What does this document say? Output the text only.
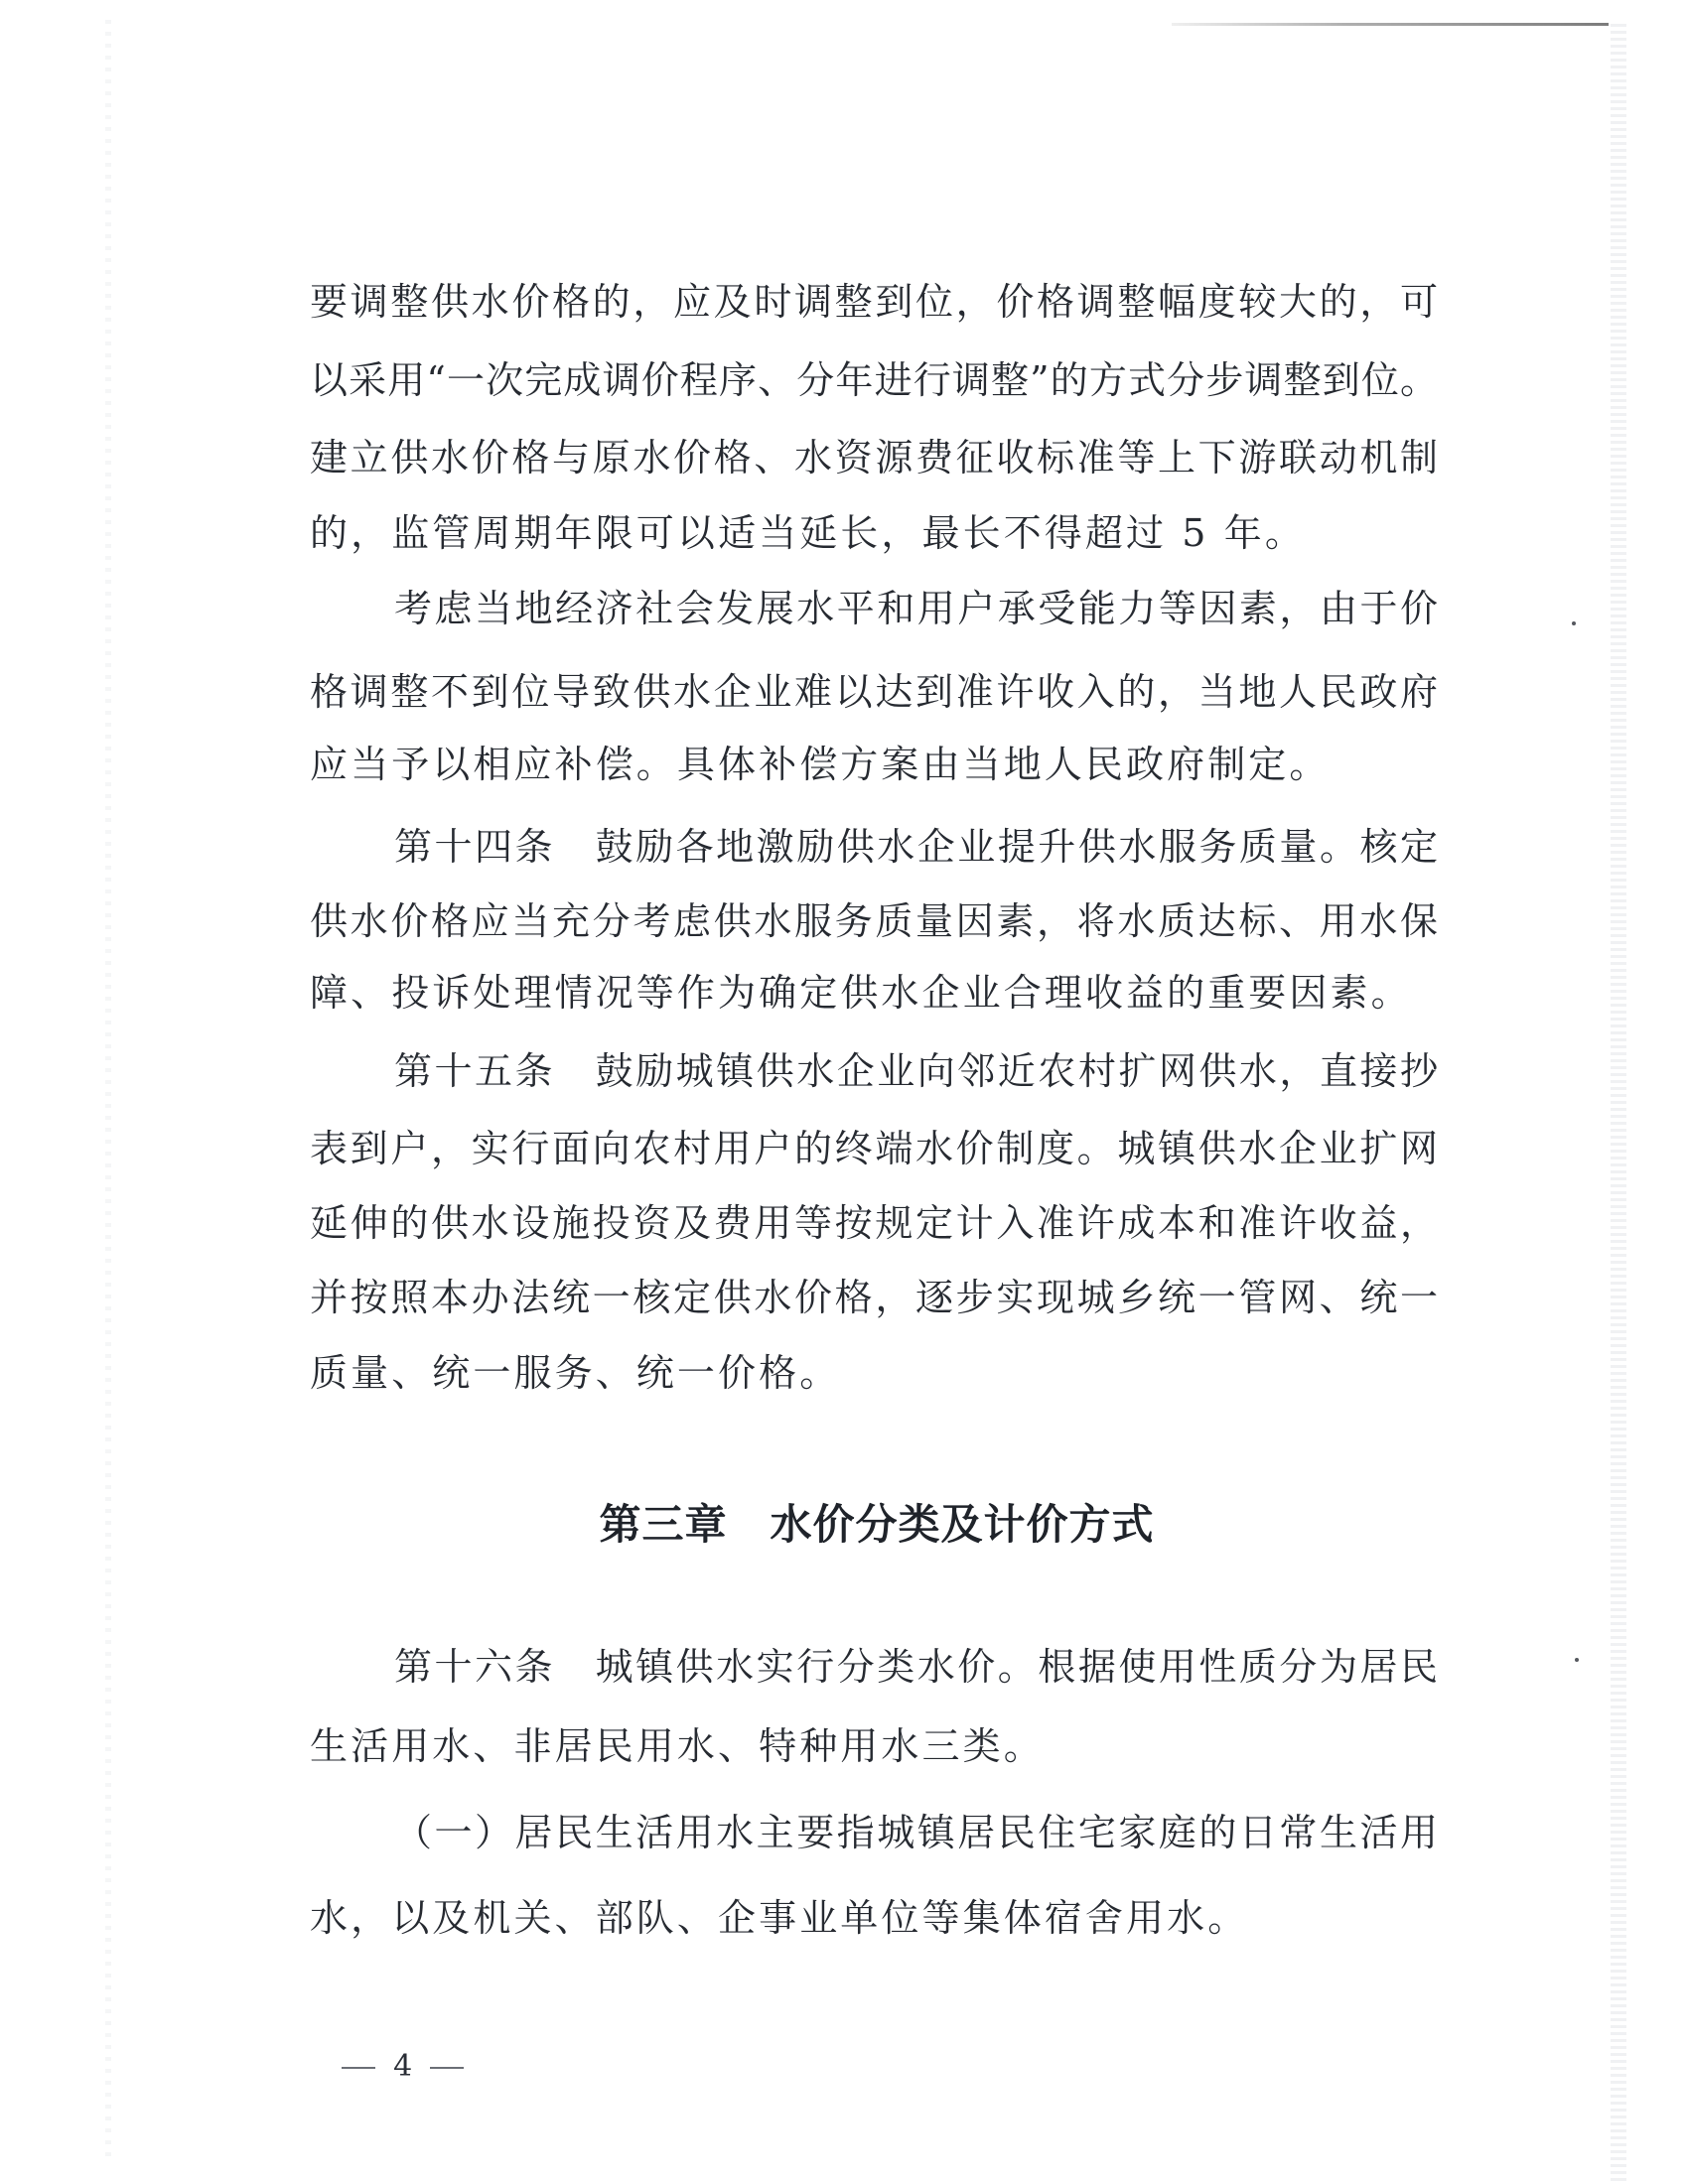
要调整供水价格的，应及时调整到位，价格调整幅度较大的，可
以采用“一次完成调价程序、分年进行调整”的方式分步调整到位。
建立供水价格与原水价格、水资源费征收标准等上下游联动机制
的，监管周期年限可以适当延长，最长不得超过 5 年。
考虑当地经济社会发展水平和用户承受能力等因素，由于价
格调整不到位导致供水企业难以达到准许收入的，当地人民政府
应当予以相应补偿。具体补偿方案由当地人民政府制定。
第十四条　鼓励各地激励供水企业提升供水服务质量。核定
供水价格应当充分考虑供水服务质量因素，将水质达标、用水保
障、投诉处理情况等作为确定供水企业合理收益的重要因素。
第十五条　鼓励城镇供水企业向邻近农村扩网供水，直接抄
表到户，实行面向农村用户的终端水价制度。城镇供水企业扩网
延伸的供水设施投资及费用等按规定计入准许成本和准许收益，
并按照本办法统一核定供水价格，逐步实现城乡统一管网、统一
质量、统一服务、统一价格。
第三章　水价分类及计价方式
第十六条　城镇供水实行分类水价。根据使用性质分为居民
生活用水、非居民用水、特种用水三类。
（一）居民生活用水主要指城镇居民住宅家庭的日常生活用
水，以及机关、部队、企事业单位等集体宿舍用水。

4
